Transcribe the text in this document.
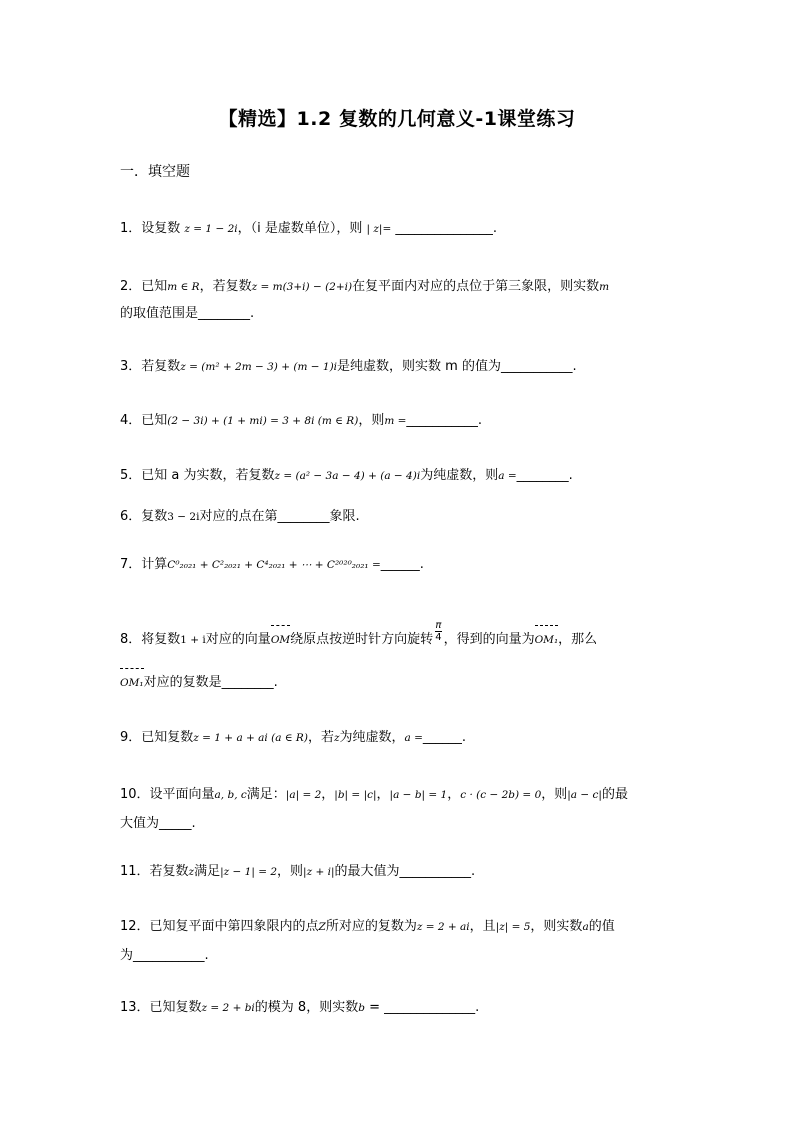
【精选】1.2 复数的几何意义-1课堂练习
一．填空题
1．设复数 z = 1 − 2i，（i 是虚数单位），则 | z|= _______________.
2．已知m ∈ R，若复数z = m(3+i) − (2+i)在复平面内对应的点位于第三象限，则实数m
的取值范围是________.
3．若复数z = (m² + 2m − 3) + (m − 1)i是纯虚数，则实数 m 的值为___________.
4．已知(2 − 3i) + (1 + mi) = 3 + 8i (m ∈ R)，则m =___________.
5．已知 a 为实数，若复数z = (a² − 3a − 4) + (a − 4)i为纯虚数，则a =________.
6．复数3 − 2i对应的点在第________象限.
7．计算C⁰₂₀₂₁ + C²₂₀₂₁ + C⁴₂₀₂₁ + ⋯ + C²⁰²⁰₂₀₂₁ =______.
8．将复数1 + i对应的向量OM绕原点按逆时针方向旋转 $\frac{\pi}{4}$ ，得到的向量为OM₁，那么
OM₁对应的复数是________.
9．已知复数z = 1 + a + ai (a ∈ R)，若z为纯虚数，a =______.
10．设平面向量a, b, c满足：|a| = 2，|b| = |c|，|a − b| = 1，c · (c − 2b) = 0，则|a − c|的最
大值为_____.
11．若复数z满足|z − 1| = 2，则|z + i|的最大值为___________.
12．已知复平面中第四象限内的点Z所对应的复数为z = 2 + ai，且|z| = 5，则实数a的值
为___________.
13．已知复数z = 2 + bi的模为 8，则实数b = ______________.
